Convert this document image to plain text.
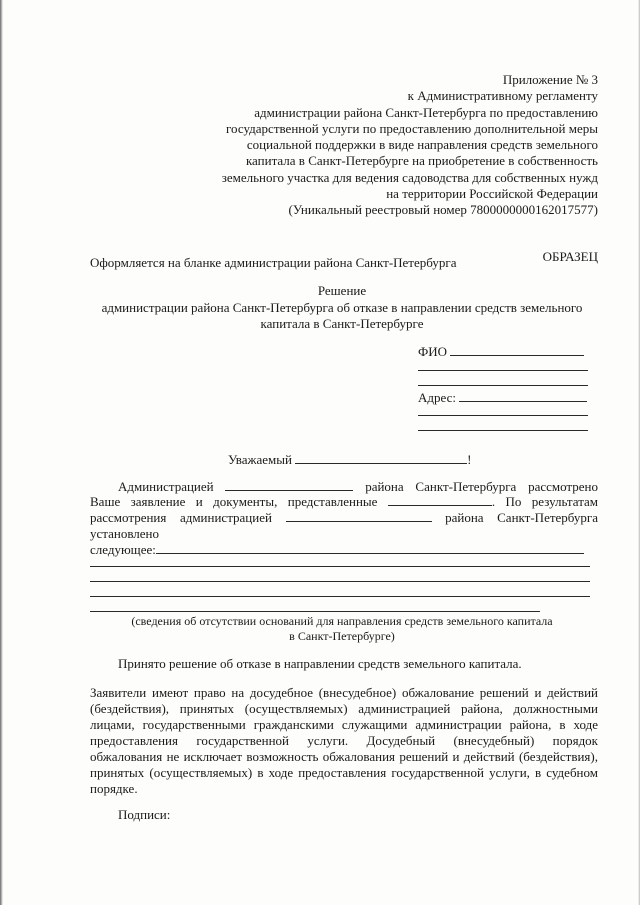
Приложение № 3
к Административному регламенту
администрации района Санкт-Петербурга по предоставлению
государственной услуги по предоставлению дополнительной меры
социальной поддержки в виде направления средств земельного
капитала в Санкт-Петербурге на приобретение в собственность
земельного участка для ведения садоводства для собственных нужд
на территории Российской Федерации
(Уникальный реестровый номер 7800000000162017577)
ОБРАЗЕЦ
Оформляется на бланке администрации района Санкт-Петербурга
Решение
администрации района Санкт-Петербурга об отказе в направлении средств земельного
капитала в Санкт-Петербурге
ФИО
Адрес:
Уважаемый	!
Администрацией	района Санкт-Петербурга рассмотрено
Ваше заявление и документы, представленные	. По результатам
рассмотрения администрацией	района Санкт-Петербурга
установлено
следующее:
(сведения об отсутствии оснований для направления средств земельного капитала
в Санкт-Петербурге)
Принято решение об отказе в направлении средств земельного капитала.
Заявители имеют право на досудебное (внесудебное) обжалование решений и действий
(бездействия), принятых (осуществляемых) администрацией района, должностными
лицами, государственными гражданскими служащими администрации района, в ходе
предоставления государственной услуги. Досудебный (внесудебный) порядок
обжалования не исключает возможность обжалования решений и действий (бездействия),
принятых (осуществляемых) в ходе предоставления государственной услуги, в судебном
порядке.
Подписи:
